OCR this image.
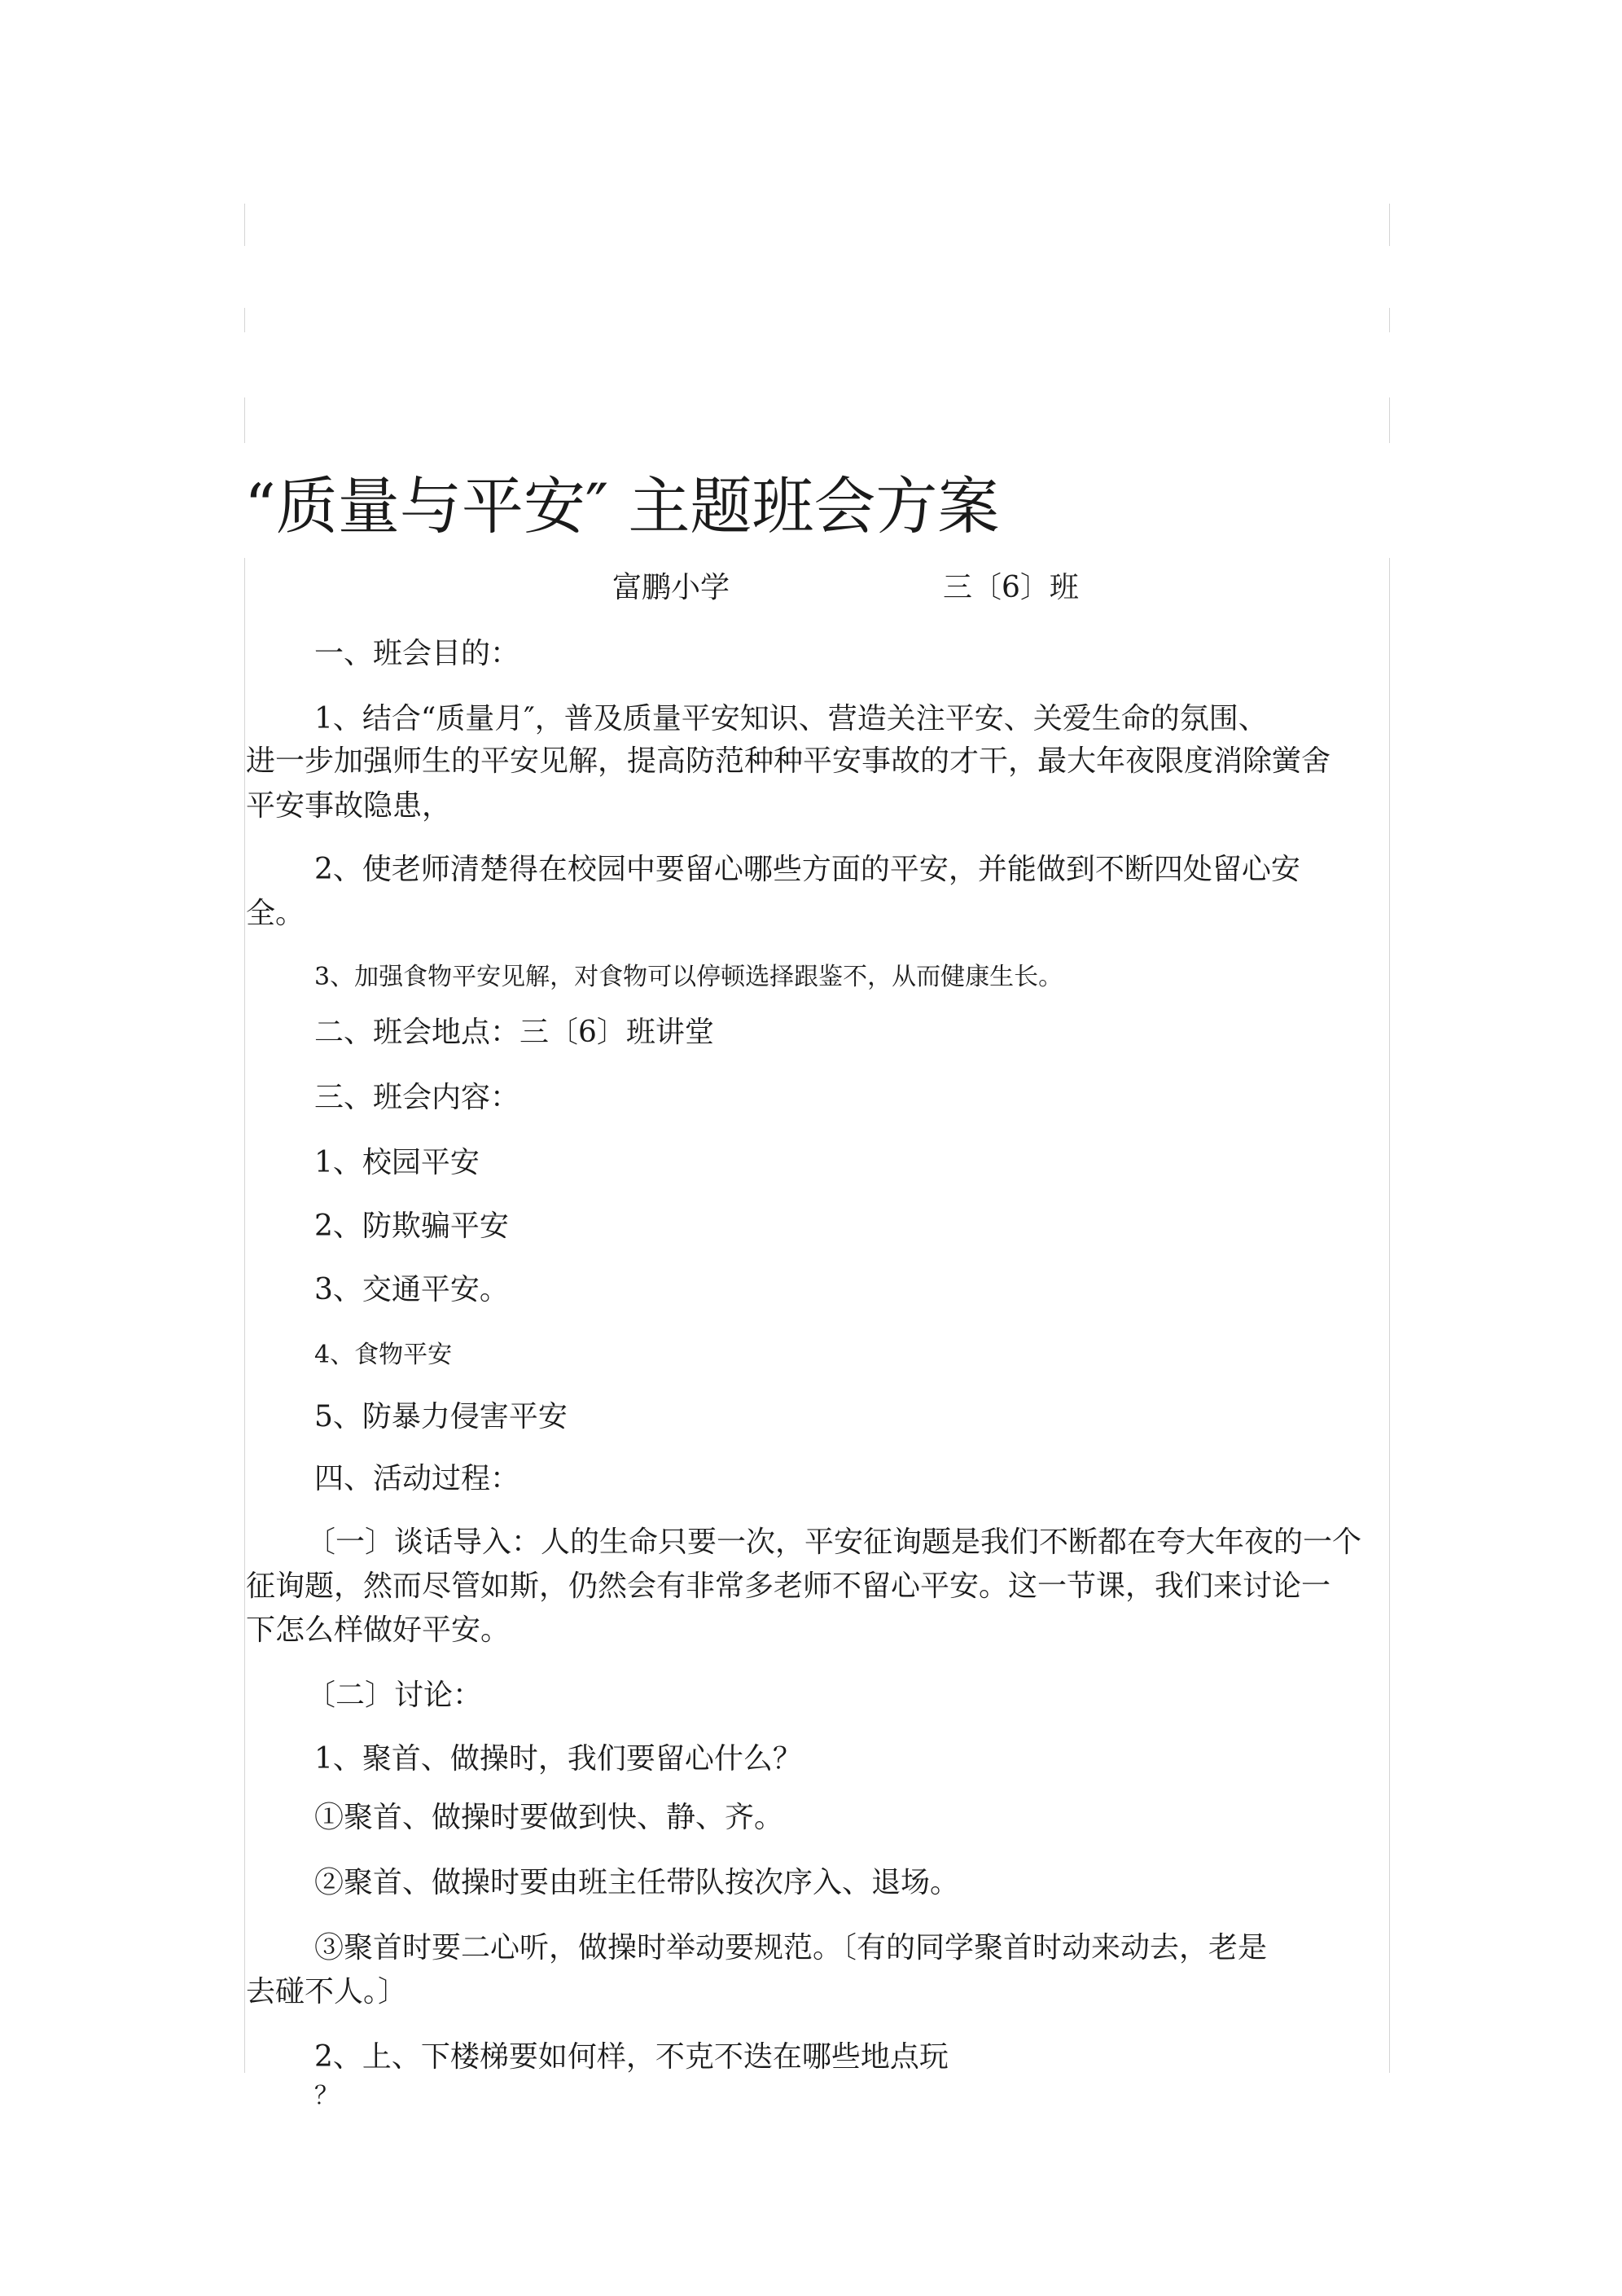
“质量与平安″ 主题班会方案
富鹏小学	三〔6〕班
一、班会目的：
1、结合“质量月″，普及质量平安知识、营造关注平安、关爱生命的氛围、
进一步加强师生的平安见解，提高防范种种平安事故的才干，最大年夜限度消除黉舍
平安事故隐患，
2、使老师清楚得在校园中要留心哪些方面的平安，并能做到不断四处留心安
全。
3、加强食物平安见解，对食物可以停顿选择跟鉴不，从而健康生长。
二、班会地点：三〔6〕班讲堂
三、班会内容：
1、校园平安
2、防欺骗平安
3、交通平安。
4、食物平安
5、防暴力侵害平安
四、活动过程：
〔一〕谈话导入：人的生命只要一次，平安征询题是我们不断都在夸大年夜的一个
征询题，然而尽管如斯，仍然会有非常多老师不留心平安。这一节课，我们来讨论一
下怎么样做好平安。
〔二〕讨论：
1、聚首、做操时，我们要留心什么？
①聚首、做操时要做到快、静、齐。
②聚首、做操时要由班主任带队按次序入、退场。
③聚首时要二心听，做操时举动要规范。〔有的同学聚首时动来动去，老是
去碰不人。〕
2、上、下楼梯要如何样，不克不迭在哪些地点玩
？
